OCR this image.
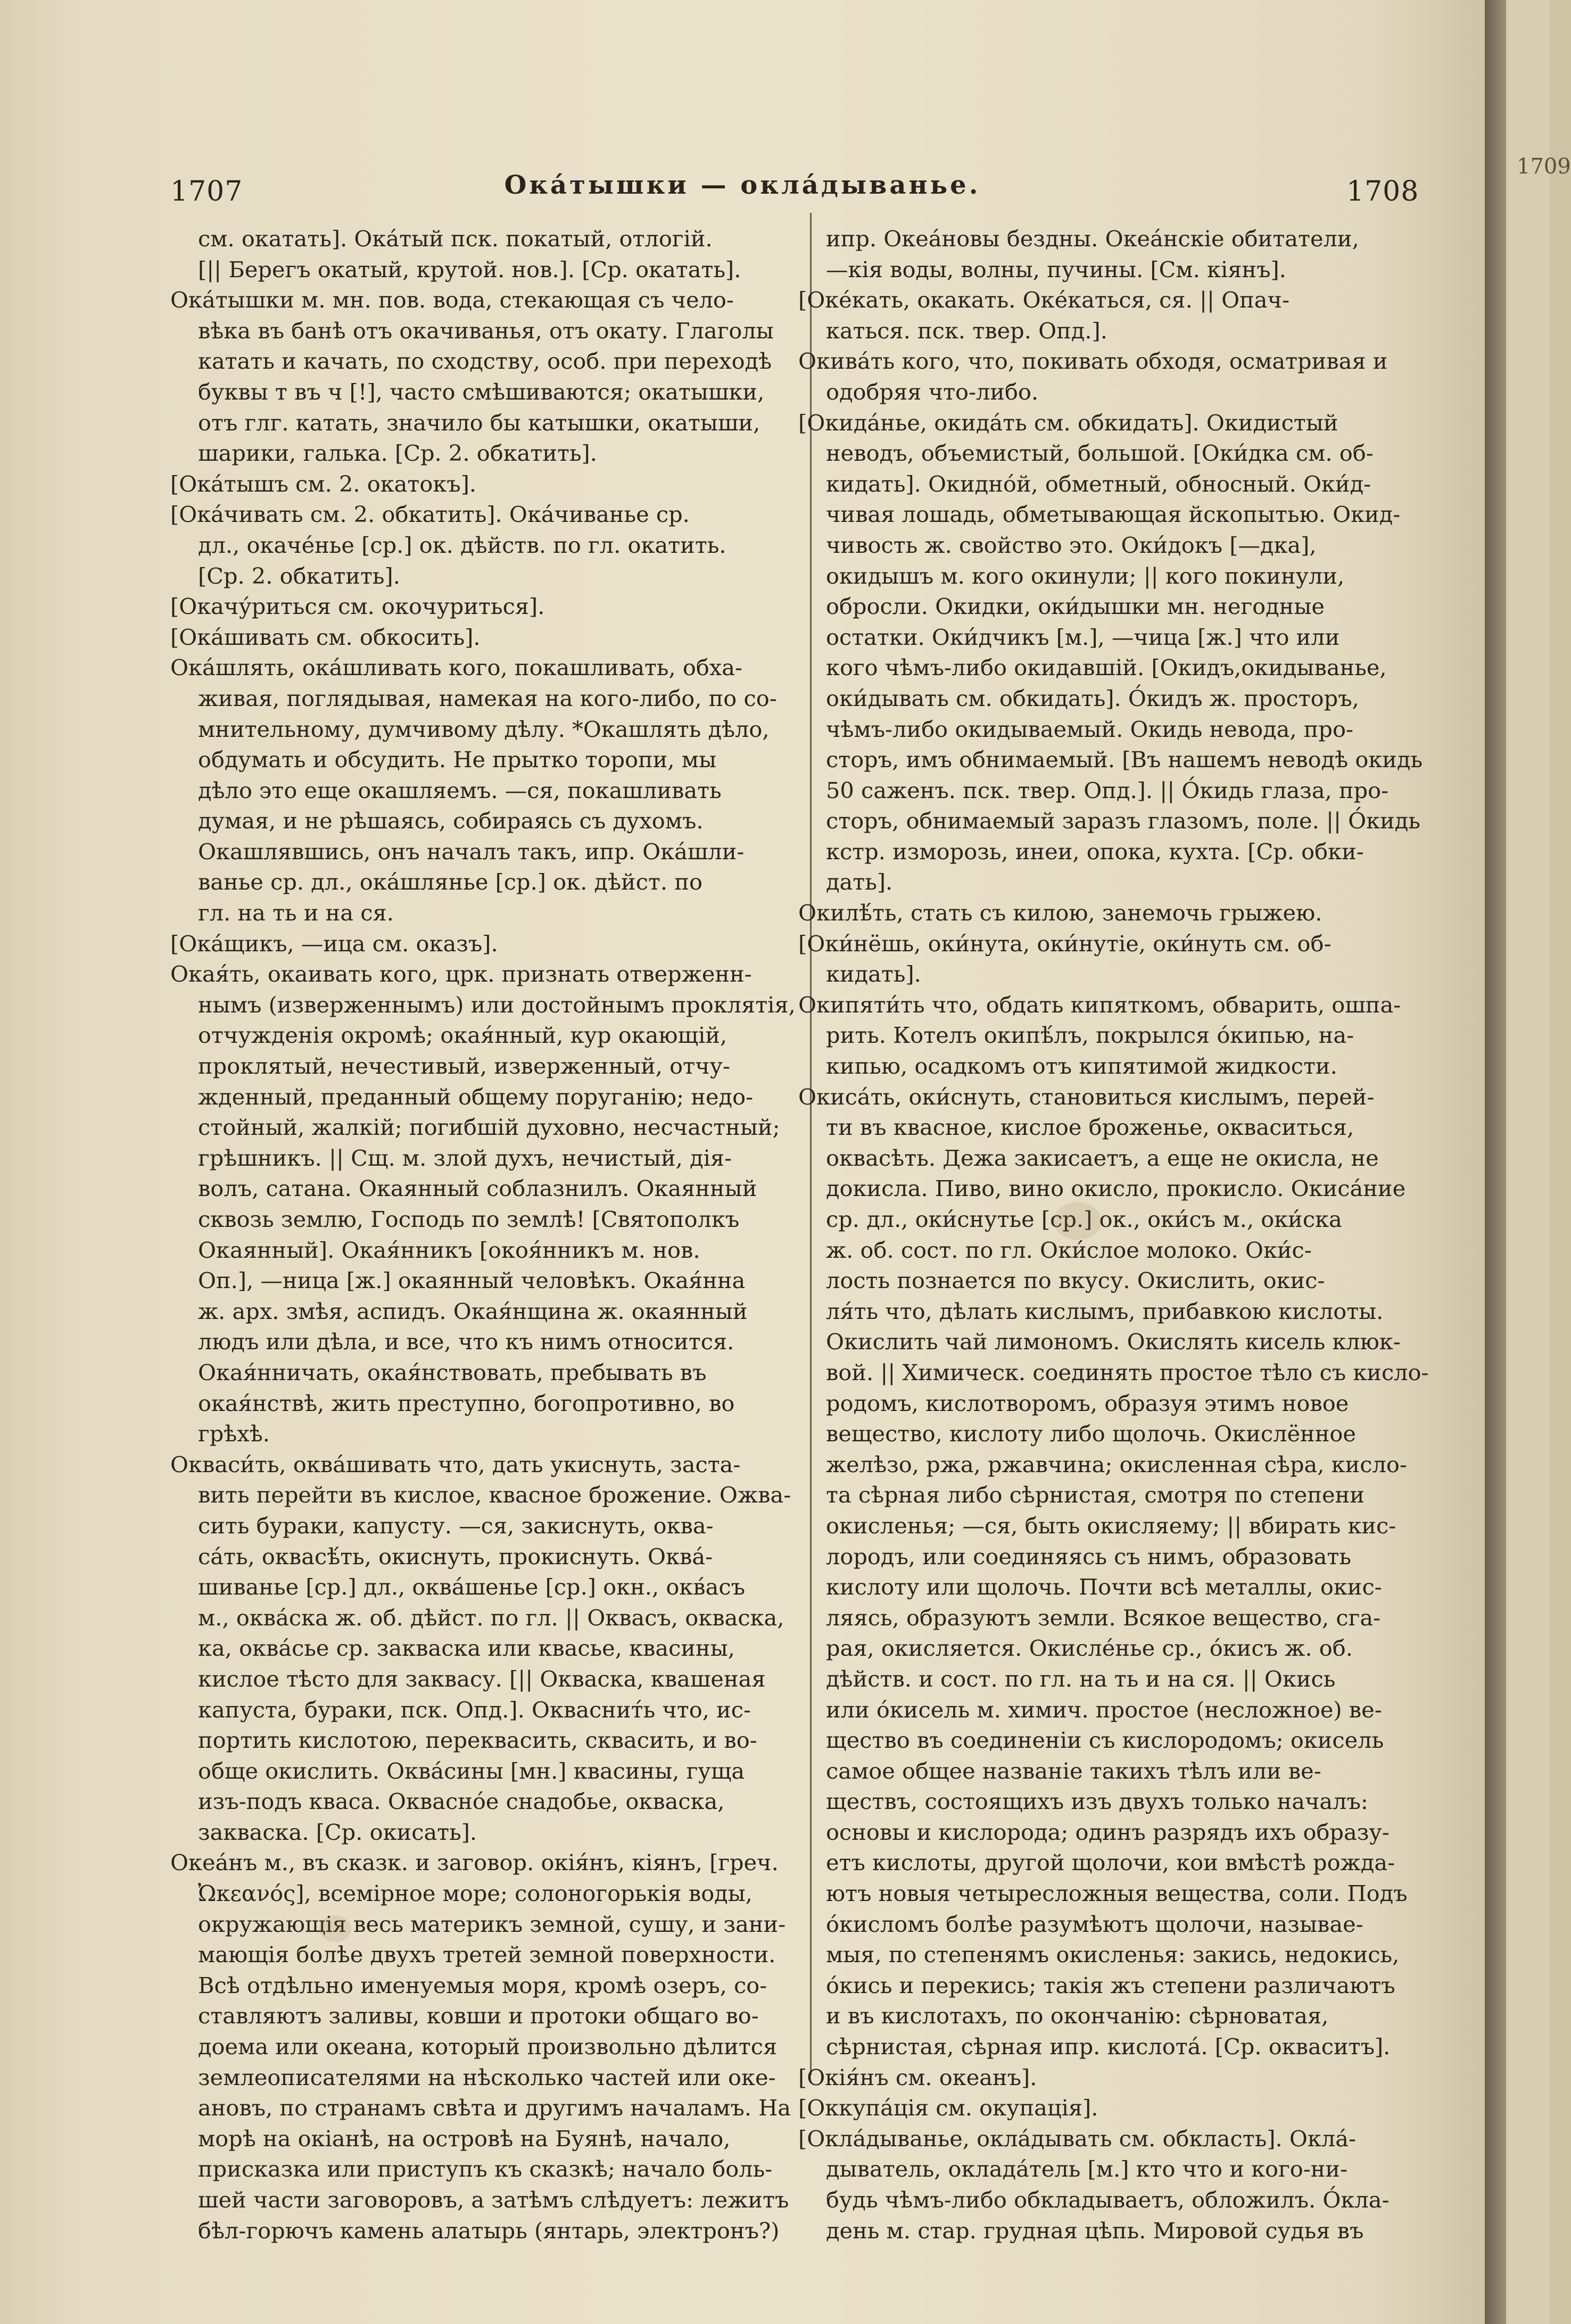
1707	Ока́тышки — окла́дыванье.	1708
см. окатать]. Ока́тый пск. покатый, отлогій.
[|| Берегъ окатый, крутой. нов.]. [Ср. окатать].
Ока́тышки м. мн. пов. вода, стекающая съ чело-
вѣка въ банѣ отъ окачиванья, отъ окату. Глаголы
катать и качать, по сходству, особ. при переходѣ
буквы т въ ч [!], часто смѣшиваются; окатышки,
отъ глг. катать, значило бы катышки, окатыши,
шарики, галька. [Ср. 2. обкатить].
[Ока́тышъ см. 2. окатокъ].
[Ока́чивать см. 2. обкатить]. Ока́чиванье ср.
дл., окаче́нье [ср.] ок. дѣйств. по гл. окатить.
[Ср. 2. обкатить].
[Окачу́риться см. окочуриться].
[Ока́шивать см. обкосить].
Ока́шлять, ока́шливать кого, покашливать, обха-
живая, поглядывая, намекая на кого-либо, по со-
мнительному, думчивому дѣлу. *Окашлять дѣло,
обдумать и обсудить. Не прытко торопи, мы
дѣло это еще окашляемъ. —ся, покашливать
думая, и не рѣшаясь, собираясь съ духомъ.
Окашлявшись, онъ началъ такъ, ипр. Ока́шли-
ванье ср. дл., ока́шлянье [ср.] ок. дѣйст. по
гл. на ть и на ся.
[Ока́щикъ, —ица см. оказъ].
Окая́ть, окаивать кого, црк. признать отверженн-
нымъ (изверженнымъ) или достойнымъ проклятія,
отчужденія окромѣ; окая́нный, кур окающій,
проклятый, нечестивый, изверженный, отчу-
жденный, преданный общему поруганію; недо-
стойный, жалкій; погибшій духовно, несчастный;
грѣшникъ. || Сщ. м. злой духъ, нечистый, дія-
волъ, сатана. Окаянный соблазнилъ. Окаянный
сквозь землю, Господь по землѣ! [Святополкъ
Окаянный]. Окая́нникъ [окоя́нникъ м. нов.
Оп.], —ница [ж.] окаянный человѣкъ. Окая́нна
ж. арх. змѣя, аспидъ. Окая́нщина ж. окаянный
людъ или дѣла, и все, что къ нимъ относится.
Окая́нничать, окая́нствовать, пребывать въ
окая́нствѣ, жить преступно, богопротивно, во
грѣхѣ.
Окваси́ть, оква́шивать что, дать укиснуть, заста-
вить перейти въ кислое, квасное брожение. Ожва-
сить бураки, капусту. —ся, закиснуть, оква-
са́ть, оквасѣ́ть, окиснуть, прокиснуть. Оква́-
шиванье [ср.] дл., оква́шенье [ср.] окн., окв́асъ
м., оква́ска ж. об. дѣйст. по гл. || Оквасъ, окваска,
ка, оква́сье ср. закваска или квасье, квасины,
кислое тѣсто для заквасу. [|| Окваска, квашеная
капуста, бураки, пск. Опд.]. Окваснит́ь что, ис-
портить кислотою, переквасить, сквасить, и во-
обще окислить. Оква́сины [мн.] квасины, гуща
изъ-подъ кваса. Окваснóе снадобье, окваска,
закваска. [Ср. окисать].
Океа́нъ м., въ сказк. и заговор. окія́нъ, кіянъ, [греч.
Ὠκεανός], всемірное море; солоногорькія воды,
окружающія весь материкъ земной, сушу, и зани-
мающія болѣе двухъ третей земной поверхности.
Всѣ отдѣльно именуемыя моря, кромѣ озеръ, со-
ставляютъ заливы, ковши и протоки общаго во-
доема или океана, который произвольно дѣлится
землеописателями на нѣсколько частей или оке-
ановъ, по странамъ свѣта и другимъ началамъ. На
морѣ на окіанѣ, на островѣ на Буянѣ, начало,
присказка или приступъ къ сказкѣ; начало боль-
шей части заговоровъ, а затѣмъ слѣдуетъ: лежитъ
бѣл-горючъ камень алатырь (янтарь, электронъ?)
ипр. Океа́новы бездны. Океа́нскіе обитатели,
—кія воды, волны, пучины. [См. кіянъ].
[Окéкать, окакать. Окéкаться, ся. || Опач-
каться. пск. твер. Опд.].
Окива́ть кого, что, покивать обходя, осматривая и
одобряя что-либо.
[Окида́нье, окида́ть см. обкидать]. Окидистый
неводъ, объемистый, большой. [Оки́дка см. об-
кидать]. Окидно́й, обметный, обносный. Оки́д-
чивая лошадь, обметывающая йскопытью. Окид-
чивость ж. свойство это. Оки́докъ [—дка],
окидышъ м. кого окинули; || кого покинули,
обросли. Окидки, оки́дышки мн. негодные
остатки. Оки́дчикъ [м.], —чица [ж.] что или
кого чѣмъ-либо окидавшій. [Окидъ,окидыванье,
оки́дывать см. обкидать]. О́кидъ ж. просторъ,
чѣмъ-либо окидываемый. Окидь невода, про-
сторъ, имъ обнимаемый. [Въ нашемъ неводѣ окидь
50 саженъ. пск. твер. Опд.]. || О́кидь глаза, про-
сторъ, обнимаемый заразъ глазомъ, поле. || О́кидь
кстр. изморозь, инеи, опока, кухта. [Ср. обки-
дать].
Окилѣ́ть, стать съ килою, занемочь грыжею.
[Оки́нёшь, оки́нута, оки́нутіе, оки́нуть см. об-
кидать].
Окипяти́ть что, обдать кипяткомъ, обварить, ошпа-
рить. Котелъ окипѣ́лъ, покрылся о́кипью, на-
кипью, осадкомъ отъ кипятимой жидкости.
Окиса́ть, оки́снуть, становиться кислымъ, перей-
ти въ квасное, кислое броженье, окваситься,
оквасѣть. Дежа закисаетъ, а еще не окисла, не
докисла. Пиво, вино окисло, прокисло. Окиса́ние
ср. дл., оки́снутье [ср.] ок., оки́съ м., оки́ска
ж. об. сост. по гл. Оки́слое молоко. Оки́с-
лость познается по вкусу. Окислить, окис-
ля́ть что, дѣлать кислымъ, прибавкою кислоты.
Окислить чай лимономъ. Окислять кисель клюк-
вой. || Химическ. соединять простое тѣло съ кисло-
родомъ, кислотворомъ, образуя этимъ новое
вещество, кислоту либо щолочь. Окислённое
желѣзо, ржа, ржавчина; окисленная сѣра, кисло-
та сѣрная либо сѣрнистая, смотря по степени
окисленья; —ся, быть окисляему; || вбирать кис-
лородъ, или соединяясь съ нимъ, образовать
кислоту или щолочь. Почти всѣ металлы, окис-
ляясь, образуютъ земли. Всякое вещество, сга-
рая, окисляется. Окисле́нье ср., о́кисъ ж. об.
дѣйств. и сост. по гл. на ть и на ся. || Окись
или о́кисель м. химич. простое (несложное) ве-
щество въ соединеніи съ кислородомъ; окисель
самое общее названіе такихъ тѣлъ или ве-
ществъ, состоящихъ изъ двухъ только началъ:
основы и кислорода; одинъ разрядъ ихъ образу-
етъ кислоты, другой щолочи, кои вмѣстѣ рожда-
ютъ новыя четыресложныя вещества, соли. Подъ
о́кисломъ болѣе разумѣютъ щолочи, называе-
мыя, по степенямъ окисленья: закись, недокись,
о́кись и перекись; такія жъ степени различаютъ
и въ кислотахъ, по окончанію: сѣрноватая,
сѣрнистая, сѣрная ипр. кислота́. [Ср. окваситъ].
[Окія́нъ см. океанъ].
[Оккупа́ція см. окупація].
[Окла́дыванье, окла́дывать см. обкласть]. Окла́-
дыватель, окладáтель [м.] кто что и кого-ни-
будь чѣмъ-либо обкладываетъ, обложилъ. О́кла-
день м. стар. грудная цѣпь. Мировой судья въ
1709
